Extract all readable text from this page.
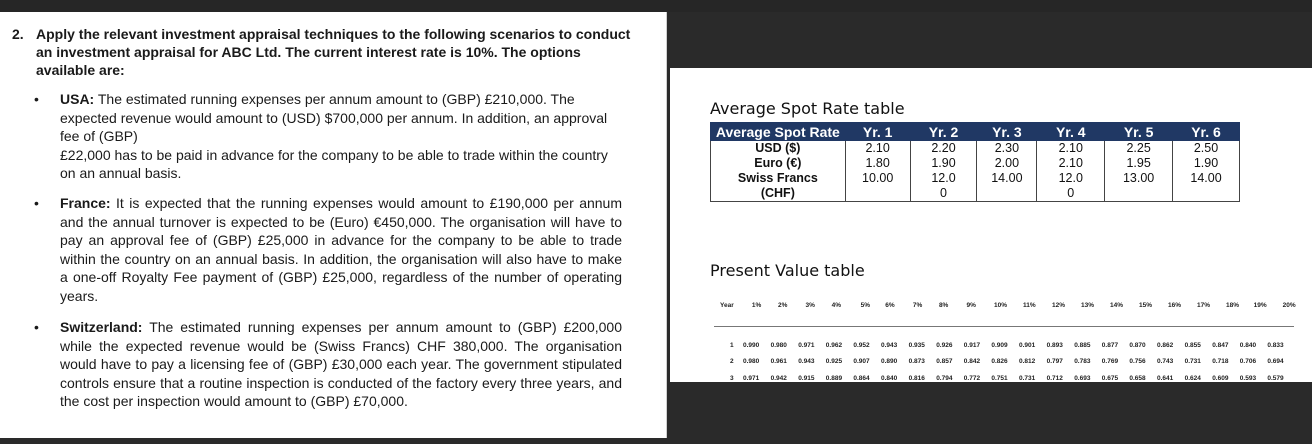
2. Apply the relevant investment appraisal techniques to the following scenarios to conduct an investment appraisal for ABC Ltd. The current interest rate is 10%. The options available are:
• USA: The estimated running expenses per annum amount to (GBP) £210,000. The expected revenue would amount to (USD) $700,000 per annum. In addition, an approval fee of (GBP)
£22,000 has to be paid in advance for the company to be able to trade within the country on an annual basis.
• France: It is expected that the running expenses would amount to £190,000 per annum and the annual turnover is expected to be (Euro) €450,000. The organisation will have to pay an approval fee of (GBP) £25,000 in advance for the company to be able to trade within the country on an annual basis. In addition, the organisation will also have to make a one-off Royalty Fee payment of (GBP) £25,000, regardless of the number of operating years.
• Switzerland: The estimated running expenses per annum amount to (GBP) £200,000 while the expected revenue would be (Swiss Francs) CHF 380,000. The organisation would have to pay a licensing fee of (GBP) £30,000 each year. The government stipulated controls ensure that a routine inspection is conducted of the factory every three years, and the cost per inspection would amount to (GBP) £70,000.
Average Spot Rate table
Average Spot Rate	Yr. 1	Yr. 2	Yr. 3	Yr. 4	Yr. 5	Yr. 6
USD ($)	2.10	2.20	2.30	2.10	2.25	2.50
Euro (€)	1.80	1.90	2.00	2.10	1.95	1.90
Swiss Francs	10.00	12.0	14.00	12.0	13.00	14.00
(CHF)		0		0		
Present Value table
Year	1%	2%	3%	4%	5% 6%	7%	8%	9%	10% 11%	12% 13% 14% 15% 16% 17% 18% 19% 20%
1 0.990 0.980 0.971 0.962 0.952 0.943 0.935 0.926 0.917 0.909 0.901 0.893 0.885 0.877 0.870 0.862 0.855 0.847 0.840 0.833
2 0.980 0.961 0.943 0.925 0.907 0.890 0.873 0.857 0.842 0.826 0.812 0.797 0.783 0.769 0.756 0.743 0.731 0.718 0.706 0.694
3 0.971 0.942 0.915 0.889 0.864 0.840 0.816 0.794 0.772 0.751 0.731 0.712 0.693 0.675 0.658 0.641 0.624 0.609 0.593 0.579
